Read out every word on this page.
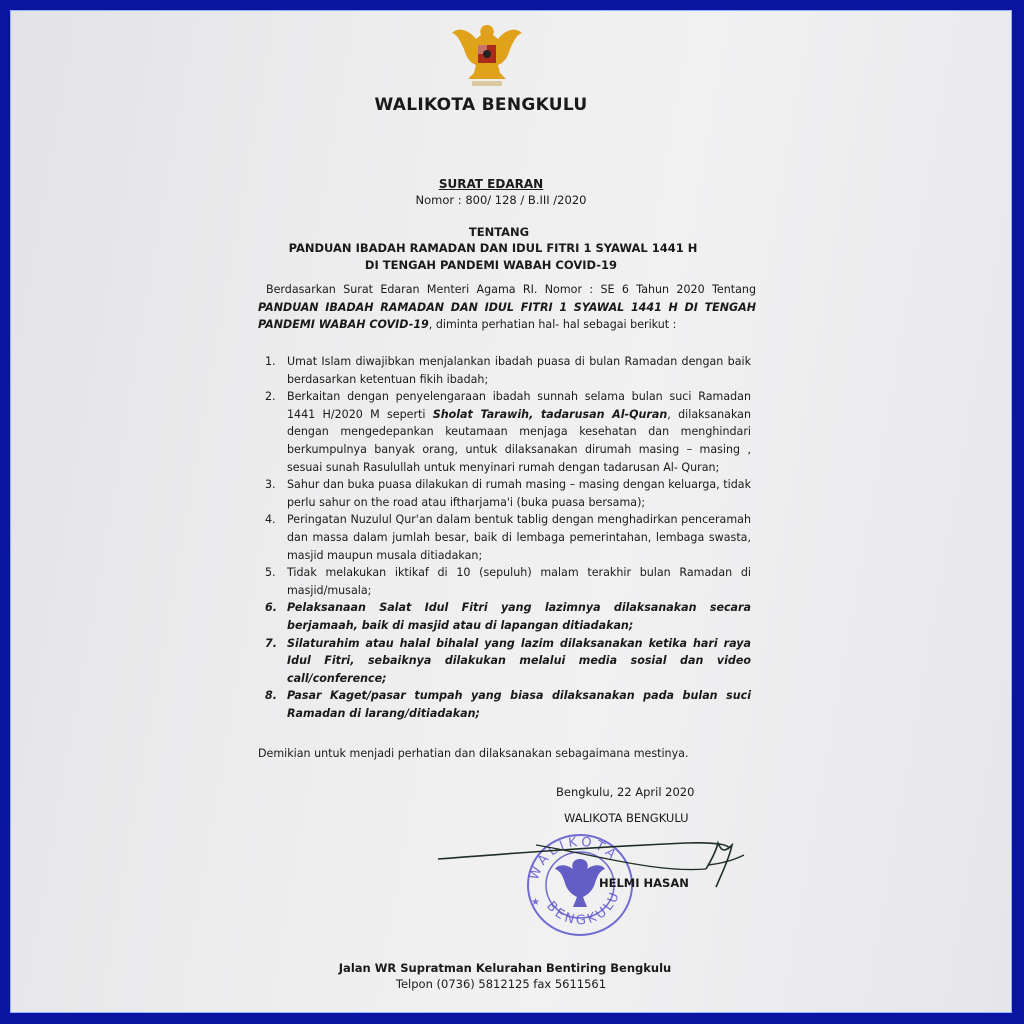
WALIKOTA BENGKULU
SURAT EDARAN
Nomor : 800/ 128 / B.III /2020
TENTANG
PANDUAN IBADAH RAMADAN DAN IDUL FITRI 1 SYAWAL 1441 H
DI TENGAH PANDEMI WABAH COVID-19
Berdasarkan Surat Edaran Menteri Agama RI. Nomor : SE 6 Tahun 2020 Tentang PANDUAN IBADAH RAMADAN DAN IDUL FITRI 1 SYAWAL 1441 H DI TENGAH PANDEMI WABAH COVID-19, diminta perhatian hal- hal sebagai berikut :
1. Umat Islam diwajibkan menjalankan ibadah puasa di bulan Ramadan dengan baik berdasarkan ketentuan fikih ibadah;
2. Berkaitan dengan penyelengaraan ibadah sunnah selama bulan suci Ramadan 1441 H/2020 M seperti Sholat Tarawih, tadarusan Al-Quran, dilaksanakan dengan mengedepankan keutamaan menjaga kesehatan dan menghindari berkumpulnya banyak orang, untuk dilaksanakan dirumah masing – masing , sesuai sunah Rasulullah untuk menyinari rumah dengan tadarusan Al- Quran;
3. Sahur dan buka puasa dilakukan di rumah masing – masing dengan keluarga, tidak perlu sahur on the road atau iftharjama'i (buka puasa bersama);
4. Peringatan Nuzulul Qur'an dalam bentuk tablig dengan menghadirkan penceramah dan massa dalam jumlah besar, baik di lembaga pemerintahan, lembaga swasta, masjid maupun musala ditiadakan;
5. Tidak melakukan iktikaf di 10 (sepuluh) malam terakhir bulan Ramadan di masjid/musala;
6. Pelaksanaan Salat Idul Fitri yang lazimnya dilaksanakan secara berjamaah, baik di masjid atau di lapangan ditiadakan;
7. Silaturahim atau halal bihalal yang lazim dilaksanakan ketika hari raya Idul Fitri, sebaiknya dilakukan melalui media sosial dan video call/conference;
8. Pasar Kaget/pasar tumpah yang biasa dilaksanakan pada bulan suci Ramadan di larang/ditiadakan;
Demikian untuk menjadi perhatian dan dilaksanakan sebagaimana mestinya.
Bengkulu, 22 April 2020
WALIKOTA BENGKULU
WALIKOTA
BENGKULU
★
HELMI HASAN
Jalan WR Supratman Kelurahan Bentiring Bengkulu
Telpon (0736) 5812125 fax 5611561
